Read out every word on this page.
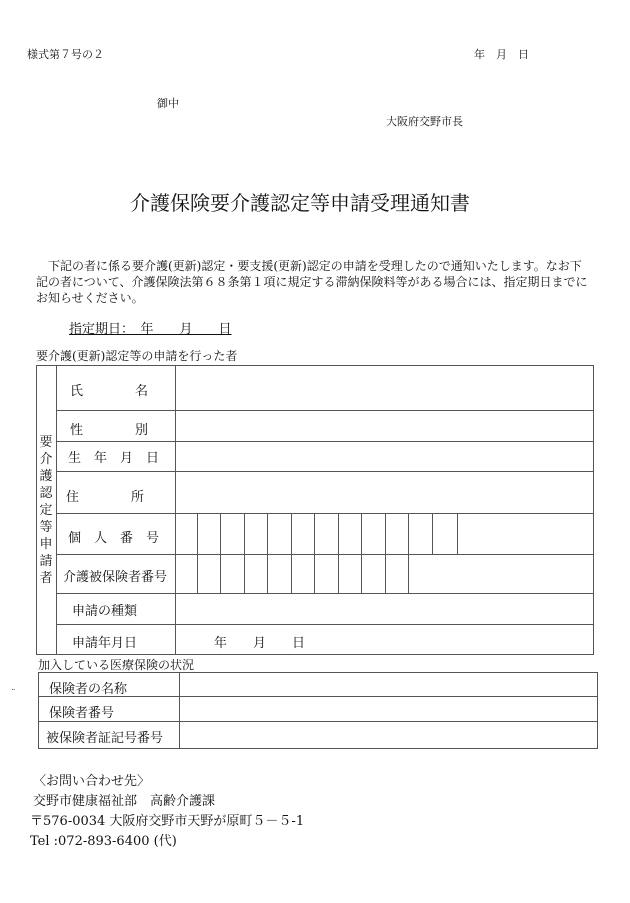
様式第７号の２	年　月　日
御中
大阪府交野市長
介護保険要介護認定等申請受理通知書
下記の者に係る要介護(更新)認定・要支援(更新)認定の申請を受理したので通知いたします。なお下
記の者について、介護保険法第６８条第１項に規定する滞納保険料等がある場合には、指定期日までに
お知らせください。
指定期日：　年　　月　　日
要介護(更新)認定等の申請を行った者
要
介
護
認
定
等
申
請
者
氏　　　　名
性　　　　別
生　年　月　日
住　　　　所
個　人　番　号
介護被保険者番号
申請の種類
申請年月日	年　　月　　日
加入している医療保険の状況
保険者の名称
保険者番号
被保険者証記号番号
¨
〈お問い合わせ先〉
交野市健康福祉部　高齢介護課
〒576-0034 大阪府交野市天野が原町５－５-1
Tel :072-893-6400 (代)
